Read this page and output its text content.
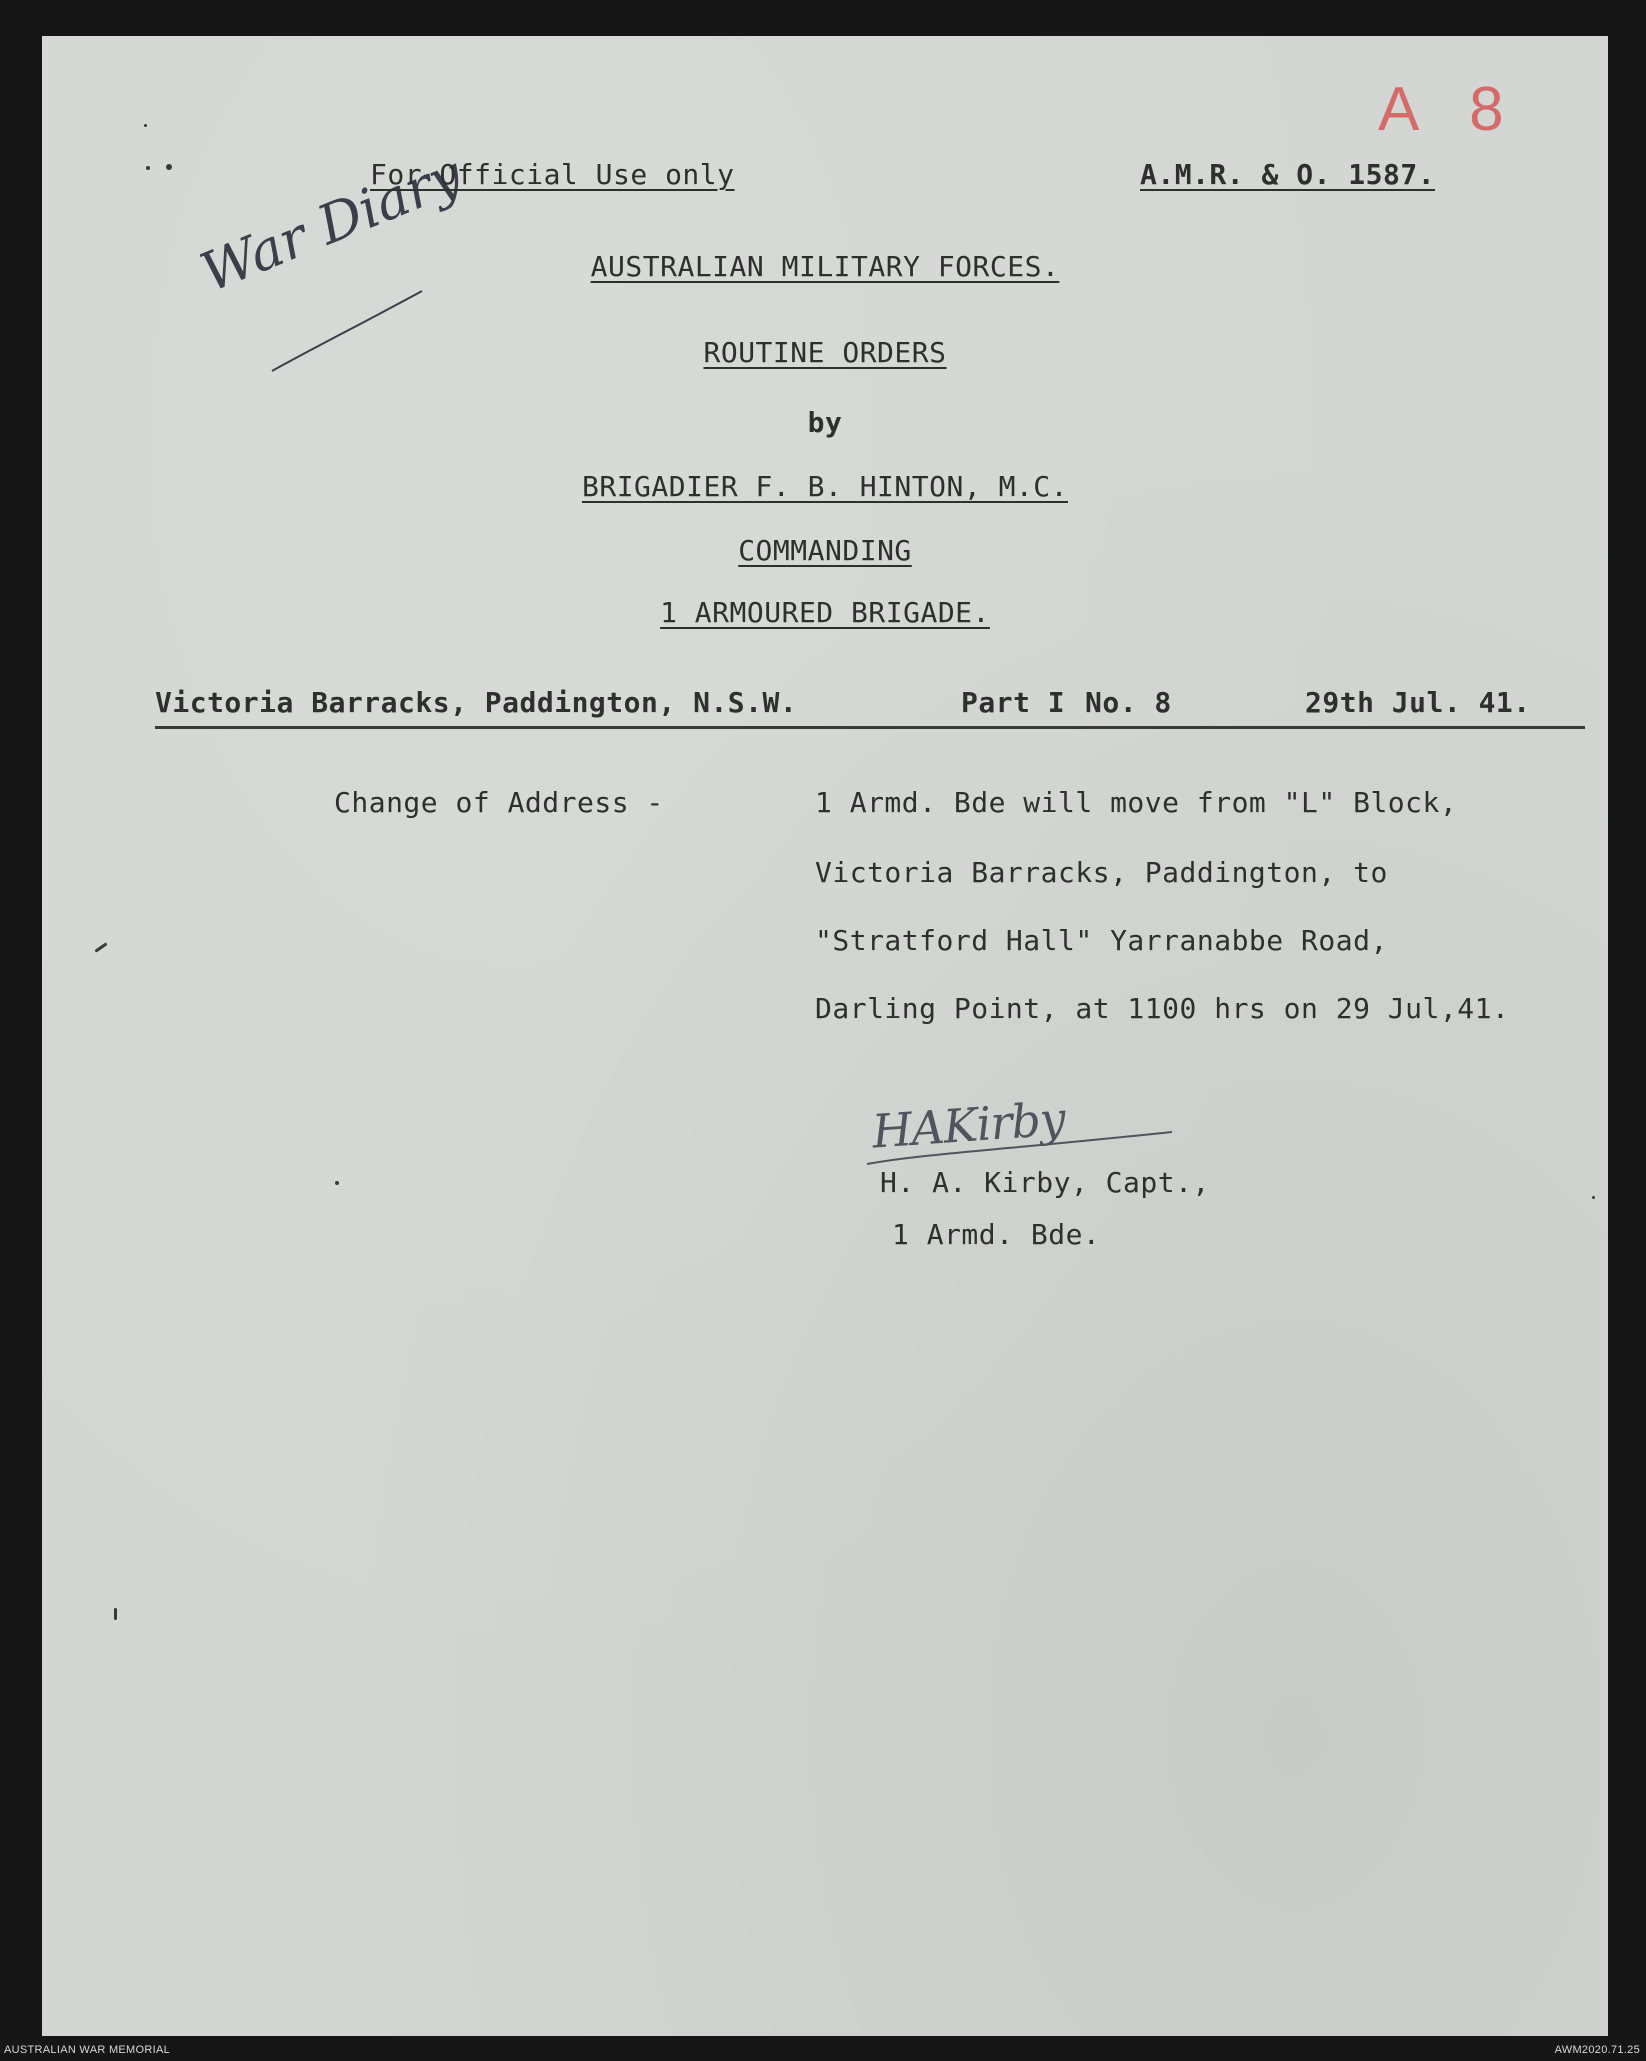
A 8
War Diary
For Official Use only	A.M.R. & O. 1587.
AUSTRALIAN MILITARY FORCES.
ROUTINE ORDERS
by
BRIGADIER F. B. HINTON, M.C.
COMMANDING
1 ARMOURED BRIGADE.
Victoria Barracks, Paddington, N.S.W.	Part I No. 8	29th Jul. 41.
Change of Address -	1 Armd. Bde will move from "L" Block,
Victoria Barracks, Paddington, to
"Stratford Hall" Yarranabbe Road,
Darling Point, at 1100 hrs on 29 Jul,41.
HAKirby
H. A. Kirby, Capt.,
1 Armd. Bde.
AUSTRALIAN WAR MEMORIAL	AWM2020.71.25
